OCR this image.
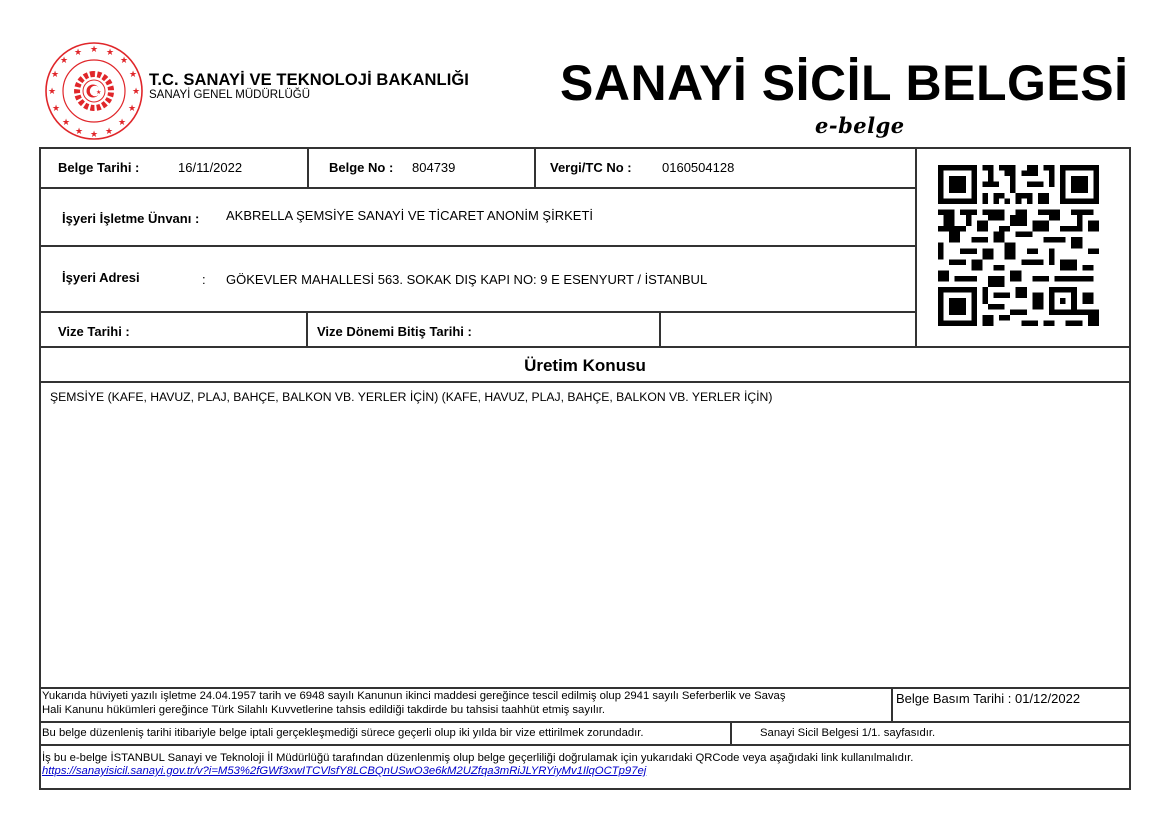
★ ★
★
★
★
★
★
★
★
★
★
★
★
★
★
★
★
T.C. SANAYİ VE TEKNOLOJİ BAKANLIĞI
SANAYİ GENEL MÜDÜRLÜĞÜ	SANAYİ SİCİL BELGESİ
e-belge
Belge Tarihi :	16/11/2022	Belge No : 804739	Vergi/TC No : 0160504128
İşyeri İşletme Ünvanı : AKBRELLA ŞEMSİYE SANAYİ VE TİCARET ANONİM ŞİRKETİ
İşyeri Adresi	: GÖKEVLER MAHALLESİ 563. SOKAK DIŞ KAPI NO: 9 E ESENYURT / İSTANBUL
Vize Tarihi :	Vize Dönemi Bitiş Tarihi :
Üretim Konusu
ŞEMSİYE (KAFE, HAVUZ, PLAJ, BAHÇE, BALKON VB. YERLER İÇİN) (KAFE, HAVUZ, PLAJ, BAHÇE, BALKON VB. YERLER İÇİN)
Yukarıda hüviyeti yazılı işletme 24.04.1957 tarih ve 6948 sayılı Kanunun ikinci maddesi gereğince tescil edilmiş olup 2941 sayılı Seferberlik ve Savaş
Hali Kanunu hükümleri gereğince Türk Silahlı Kuvvetlerine tahsis edildiği takdirde bu tahsisi taahhüt etmiş sayılır.
Belge Basım Tarihi : 01/12/2022
Bu belge düzenleniş tarihi itibariyle belge iptali gerçekleşmediği sürece geçerli olup iki yılda bir vize ettirilmek zorundadır.	Sanayi Sicil Belgesi 1/1. sayfasıdır.
İş bu e-belge İSTANBUL Sanayi ve Teknoloji İl Müdürlüğü tarafından düzenlenmiş olup belge geçerliliği doğrulamak için yukarıdaki QRCode veya aşağıdaki link kullanılmalıdır.
https://sanayisicil.sanayi.gov.tr/v?i=M53%2fGWf3xwITCVlsfY8LCBQnUSwO3e6kM2UZfqa3mRiJLYRYiyMv1IlqOCTp97ej
